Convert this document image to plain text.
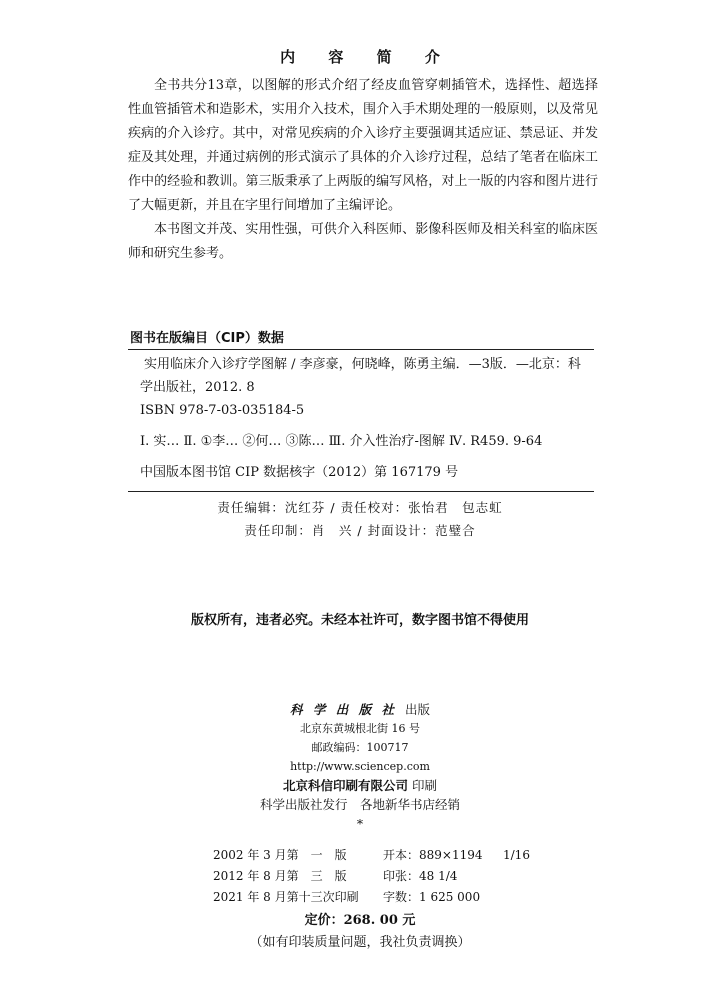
内 容 简 介

全书共分13章，以图解的形式介绍了经皮血管穿刺插管术，选择性、超选择性血管插管术和造影术，实用介入技术，围介入手术期处理的一般原则，以及常见疾病的介入诊疗。其中，对常见疾病的介入诊疗主要强调其适应证、禁忌证、并发症及其处理，并通过病例的形式演示了具体的介入诊疗过程，总结了笔者在临床工作中的经验和教训。第三版秉承了上两版的编写风格，对上一版的内容和图片进行了大幅更新，并且在字里行间增加了主编评论。

本书图文并茂、实用性强，可供介入科医师、影像科医师及相关科室的临床医师和研究生参考。

图书在版编目（CIP）数据
实用临床介入诊疗学图解 / 李彦豪，何晓峰，陈勇主编．—3版．—北京：科学出版社，2012. 8
ISBN 978-7-03-035184-5
Ⅰ. 实… Ⅱ. ①李… ②何… ③陈… Ⅲ. 介入性治疗-图解 Ⅳ. R459. 9-64
中国版本图书馆 CIP 数据核字（2012）第 167179 号
责任编辑：沈红芬 / 责任校对：张怡君　包志虹
责任印制：肖　兴 / 封面设计：范璧合
版权所有，违者必究。未经本社许可，数字图书馆不得使用
科 学 出 版 社 出版
北京东黄城根北街 16 号
邮政编码：100717
http://www.sciencep.com
北京科信印刷有限公司 印刷
科学出版社发行　各地新华书店经销
*
2002 年 3 月第　一　版	开本：889×1194	1/16
2012 年 8 月第　三　版	印张：48 1/4
2021 年 8 月第十三次印刷	字数：1 625 000
定价：268. 00 元
（如有印装质量问题，我社负责调换）
